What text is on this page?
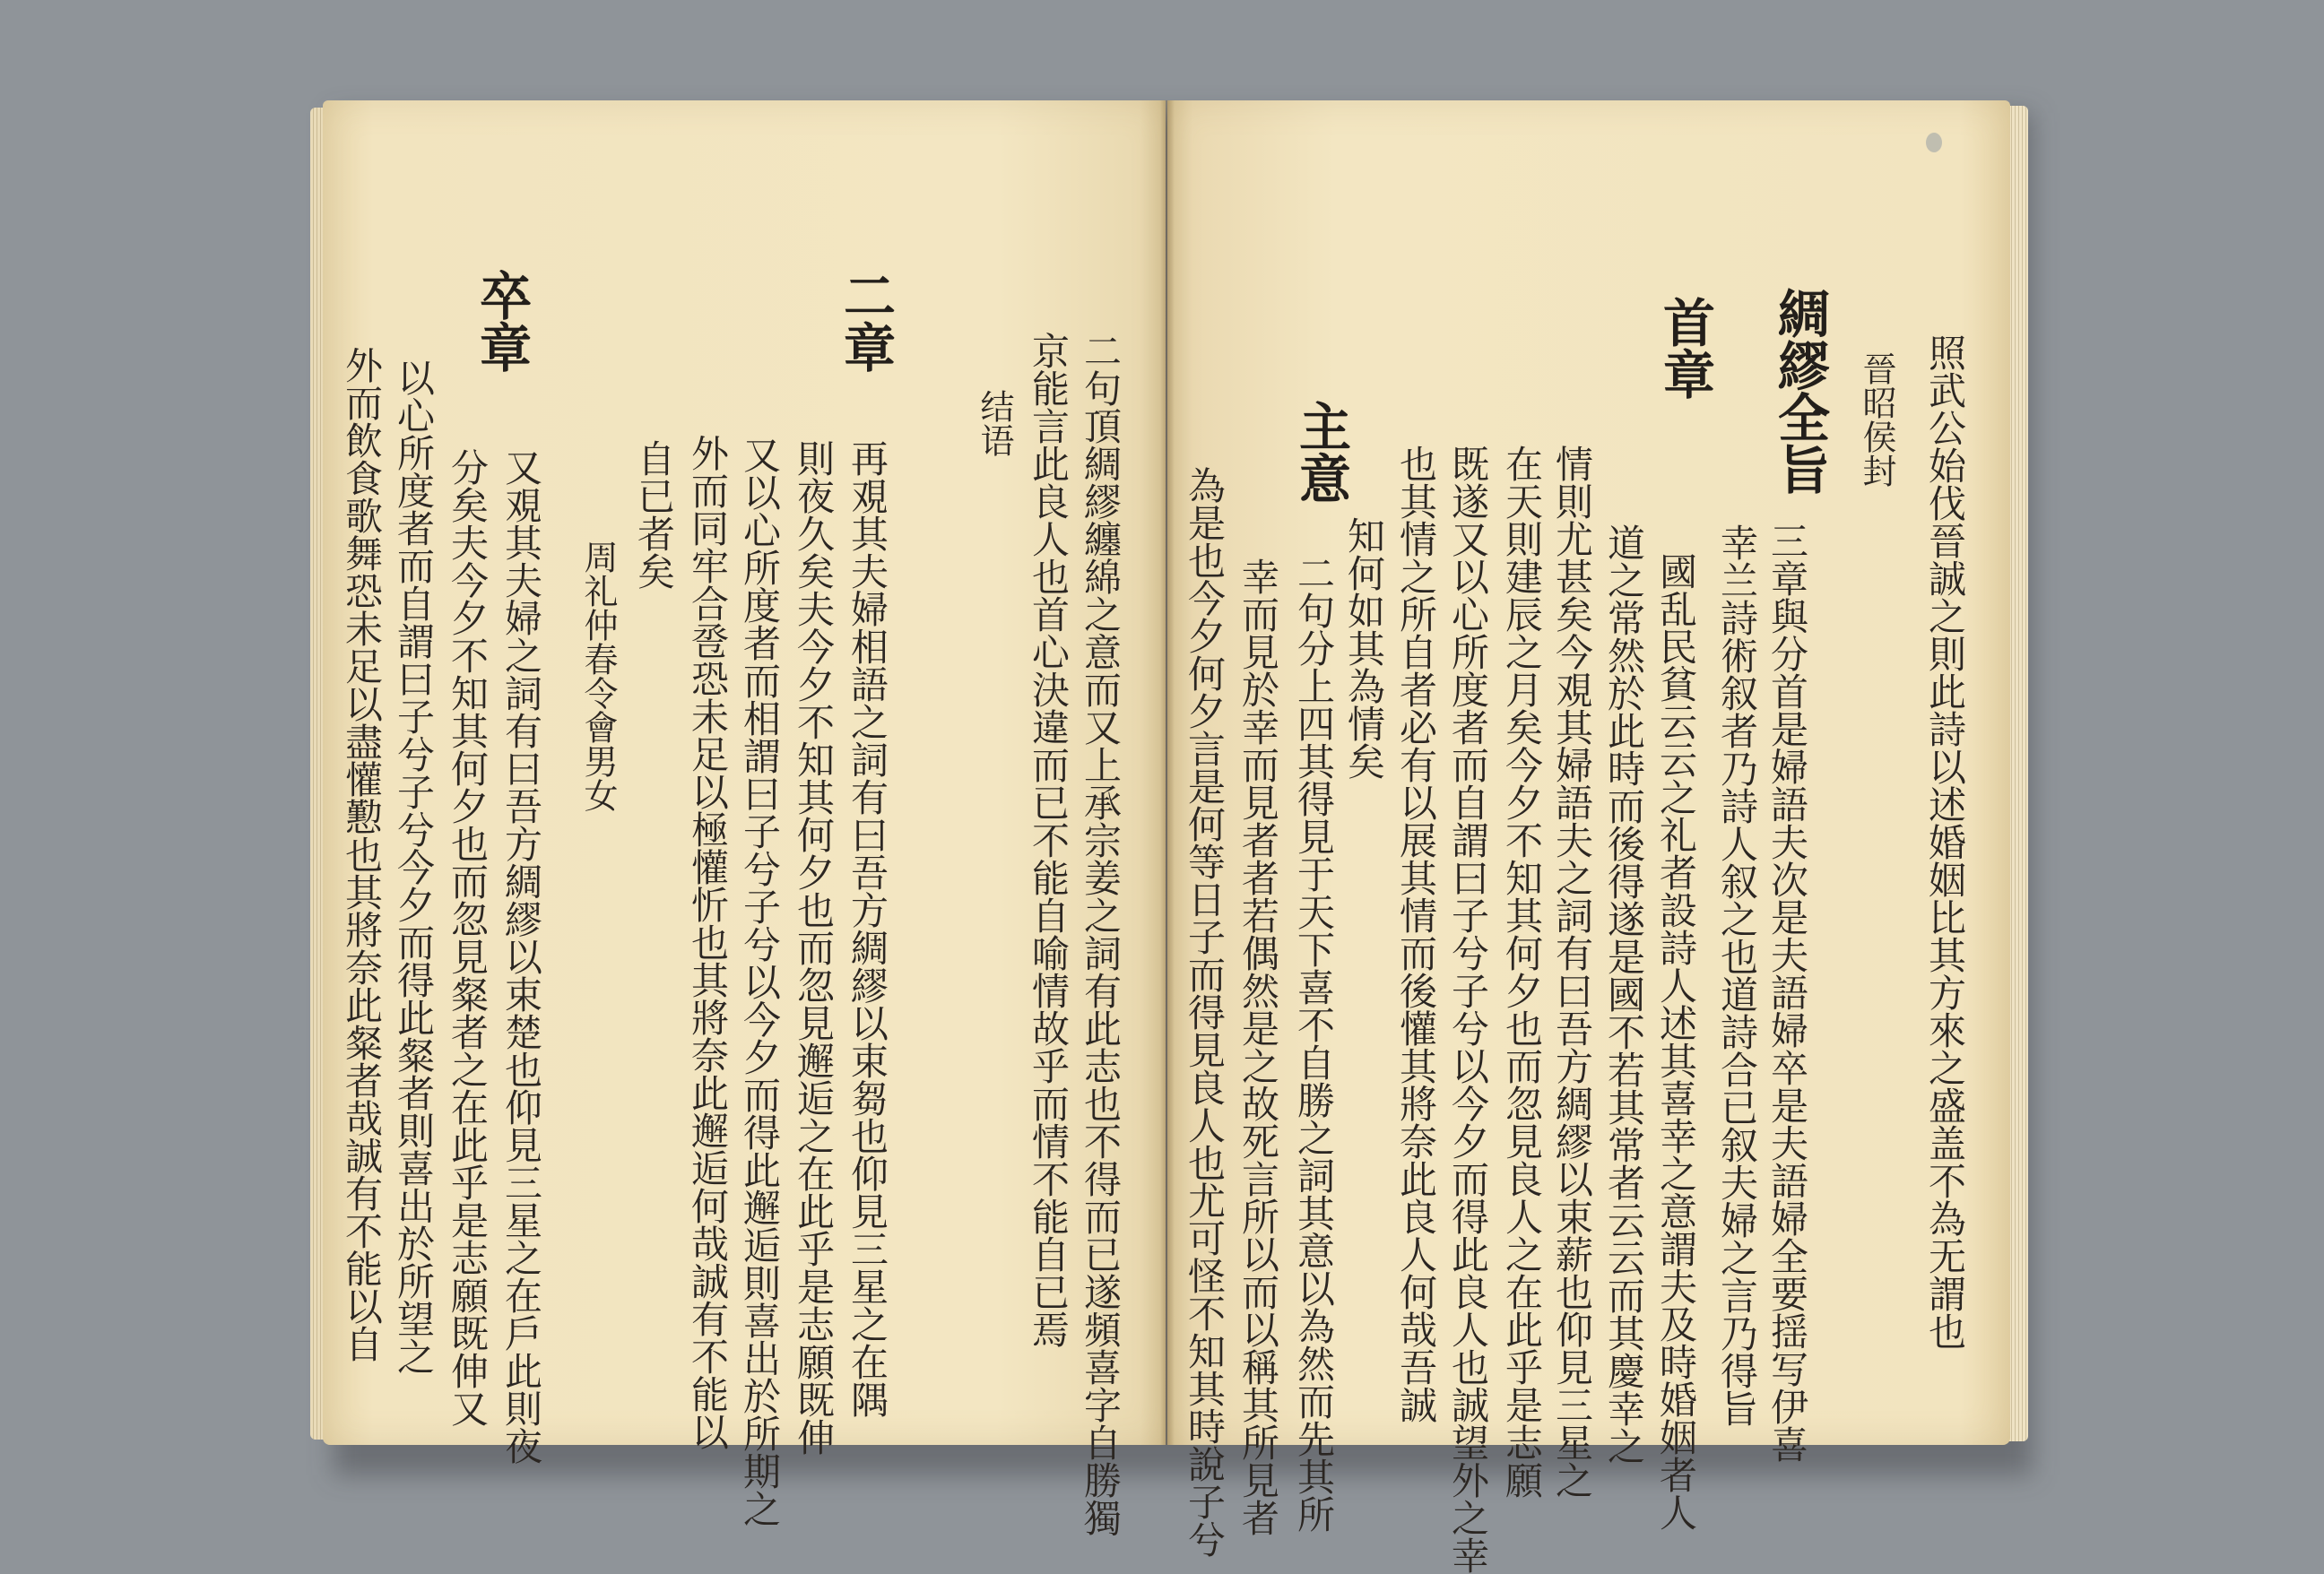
照武公始伐晉誠之則此詩以述婚姻比其方來之盛盖不為无謂也
晉昭侯封
綢繆全旨
三章與分首是婦語夫次是夫語婦卒是夫語婦全要揺写伊喜
幸兰詩術叙者乃詩人叙之也道詩合已叙夫婦之言乃得旨
首章
國乱民貧云云之礼者設詩人述其喜幸之意謂夫及時婚姻者人
道之常然於此時而後得遂是國不若其常者云云而其慶幸之
情則尤甚矣今覌其婦語夫之詞有曰吾方綢繆以束薪也仰見三星之
在天則建辰之月矣今夕不知其何夕也而忽見良人之在此乎是志願
既遂又以心所度者而自謂曰子兮子兮以今夕而得此良人也誠望外之幸
也其情之所自者必有以展其情而後懽其將奈此良人何哉吾誠
知何如其為情矣
主意
二句分上四其得見于天下喜不自勝之詞其意以為然而先其所
幸而見於幸而見者者若偶然是之故死言所以而以稱其所見者
為是也今夕何夕言是何等日子而得見良人也尤可怪不知其時說子兮
二句頂綢繆纏綿之意而又上承宗姜之詞有此志也不得而已遂頻喜字自勝獨
京能言此良人也首心決違而已不能自喻情故乎而情不能自已焉
结语
二章
再覌其夫婦相語之詞有曰吾方綢繆以束芻也仰見三星之在隅
則夜久矣夫今夕不知其何夕也而忽見邂逅之在此乎是志願既伸
又以心所度者而相謂曰子兮子兮以今夕而得此邂逅則喜出於所期之
外而同牢合卺恐未足以極懽忻也其將奈此邂逅何哉誠有不能以
自已者矣
周礼仲春令會男女
卒章
又覌其夫婦之詞有曰吾方綢繆以束楚也仰見三星之在戶此則夜
分矣夫今夕不知其何夕也而忽見粲者之在此乎是志願既伸又
以心所度者而自謂曰子兮子兮今夕而得此粲者則喜出於所望之
外而飲食歌舞恐未足以盡懽懃也其將奈此粲者哉誠有不能以自
